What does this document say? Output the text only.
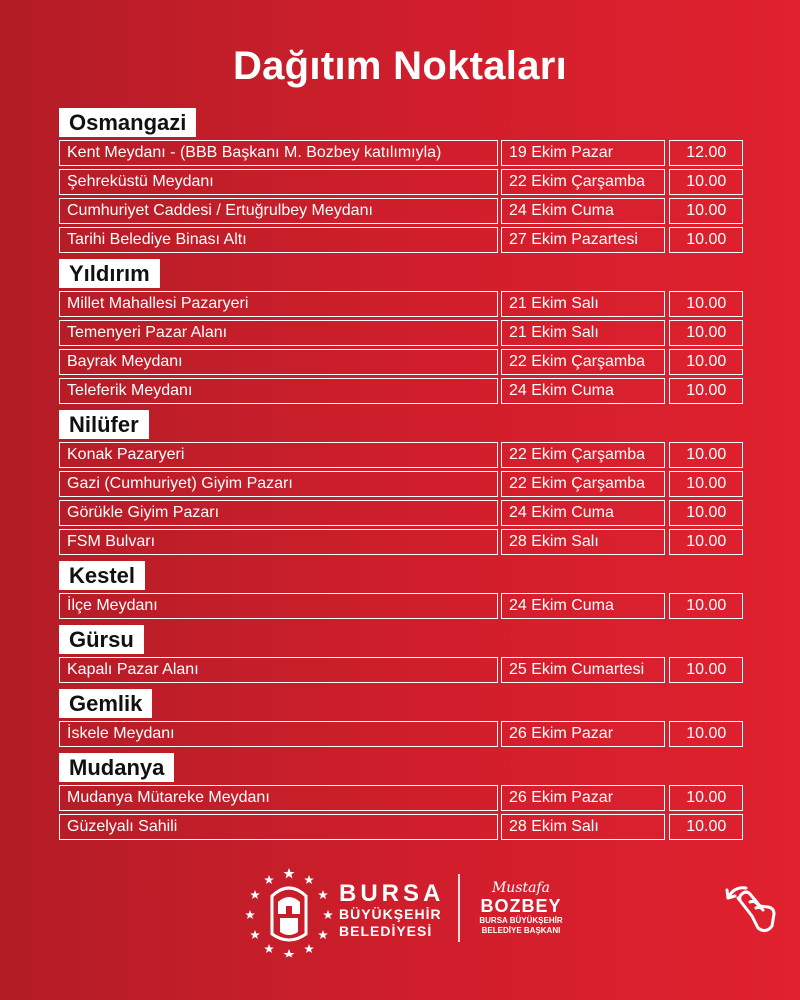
Dağıtım Noktaları
Osmangazi
Kent Meydanı - (BBB Başkanı M. Bozbey katılımıyla)	19 Ekim Pazar	12.00
Şehreküstü Meydanı	22 Ekim Çarşamba	10.00
Cumhuriyet Caddesi / Ertuğrulbey Meydanı	24 Ekim Cuma	10.00
Tarihi Belediye Binası Altı	27 Ekim Pazartesi	10.00
Yıldırım
Millet Mahallesi Pazaryeri	21 Ekim Salı	10.00
Temenyeri Pazar Alanı	21 Ekim Salı	10.00
Bayrak Meydanı	22 Ekim Çarşamba	10.00
Teleferik Meydanı	24 Ekim Cuma	10.00
Nilüfer
Konak Pazaryeri	22 Ekim Çarşamba	10.00
Gazi (Cumhuriyet) Giyim Pazarı	22 Ekim Çarşamba	10.00
Görükle Giyim Pazarı	24 Ekim Cuma	10.00
FSM Bulvarı	28 Ekim Salı	10.00
Kestel
İlçe Meydanı	24 Ekim Cuma	10.00
Gürsu
Kapalı Pazar Alanı	25 Ekim Cumartesi	10.00
Gemlik
İskele Meydanı	26 Ekim Pazar	10.00
Mudanya
Mudanya Mütareke Meydanı	26 Ekim Pazar	10.00
Güzelyalı Sahili	28 Ekim Salı	10.00
BURSA
BÜYÜKŞEHİR
BELEDİYESİ
Mustafa
BOZBEY
BURSA BÜYÜKŞEHİR
BELEDİYE BAŞKANI
